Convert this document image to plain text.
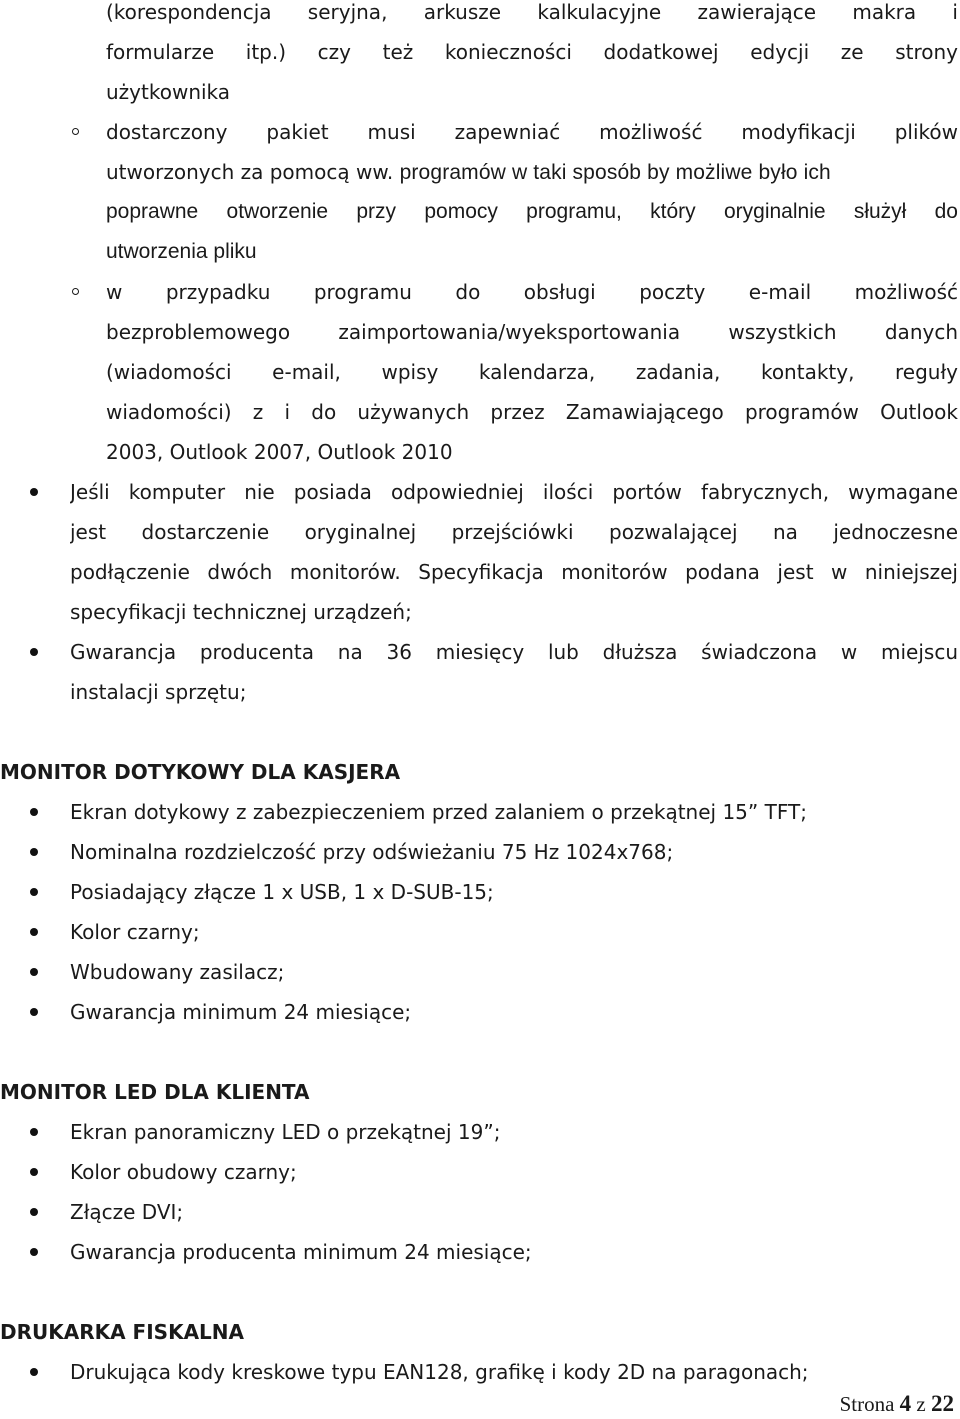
(korespondencja seryjna, arkusze kalkulacyjne zawierające makra i
formularze itp.) czy też konieczności dodatkowej edycji ze strony
użytkownika
dostarczony pakiet musi zapewniać możliwość modyfikacji plików
utworzonych za pomocą ww. programów w taki sposób by możliwe było ich
poprawne otworzenie przy pomocy programu, który oryginalnie służył do
utworzenia pliku
w przypadku programu do obsługi poczty e-mail możliwość
bezproblemowego zaimportowania/wyeksportowania wszystkich danych
(wiadomości e-mail, wpisy kalendarza, zadania, kontakty, reguły
wiadomości) z i do używanych przez Zamawiającego programów Outlook
2003, Outlook 2007, Outlook 2010
Jeśli komputer nie posiada odpowiedniej ilości portów fabrycznych, wymagane
jest dostarczenie oryginalnej przejściówki pozwalającej na jednoczesne
podłączenie dwóch monitorów. Specyfikacja monitorów podana jest w niniejszej
specyfikacji technicznej urządzeń;
Gwarancja producenta na 36 miesięcy lub dłuższa świadczona w miejscu
instalacji sprzętu;
MONITOR DOTYKOWY DLA KASJERA
Ekran dotykowy z zabezpieczeniem przed zalaniem o przekątnej 15” TFT;
Nominalna rozdzielczość przy odświeżaniu 75 Hz 1024x768;
Posiadający złącze 1 x USB, 1 x D-SUB-15;
Kolor czarny;
Wbudowany zasilacz;
Gwarancja minimum 24 miesiące;
MONITOR LED DLA KLIENTA
Ekran panoramiczny LED o przekątnej 19”;
Kolor obudowy czarny;
Złącze DVI;
Gwarancja producenta minimum 24 miesiące;
DRUKARKA FISKALNA
Drukująca kody kreskowe typu EAN128, grafikę i kody 2D na paragonach;
Strona 4 z 22
